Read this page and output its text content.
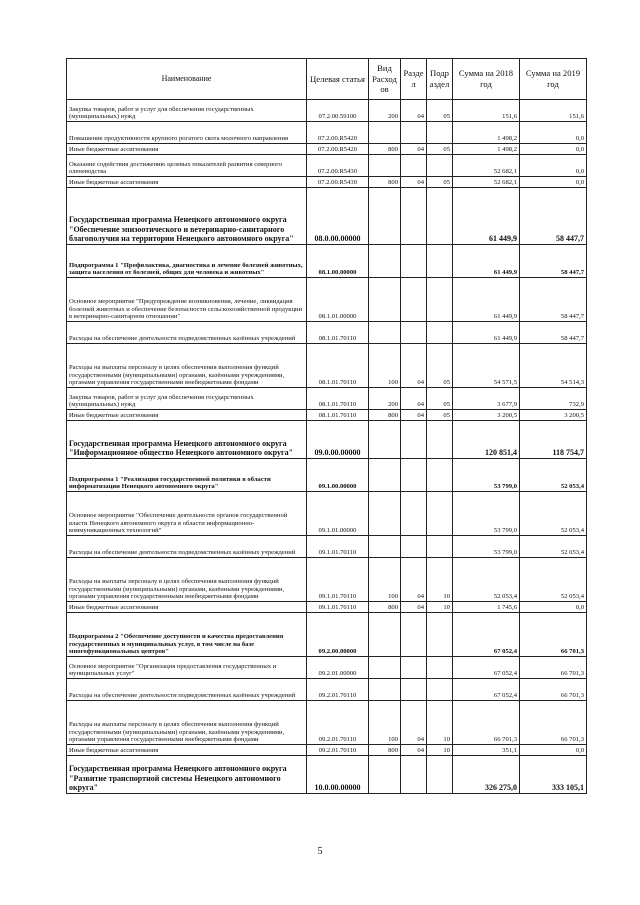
Наименование	Целевая статья	Вид Расход ов	Разде л	Подр аздел	Сумма на 2018 год	Сумма на 2019 год
Закупка товаров, работ и услуг для обеспечения государственных (муниципальных) нужд	07.2.00.59100	200	04	05	151,6	151,6
Повышение продуктивности крупного рогатого скота молочного направления	07.2.00.R5420				1 498,2	0,0
Иные бюджетные ассигнования	07.2.00.R5420	800	04	05	1 498,2	0,0
Оказание содействия достижению целевых показателей развития северного оленеводства	07.2.00.R5430				52 682,1	0,0
Иные бюджетные ассигнования	07.2.00.R5430	800	04	05	52 682,1	0,0
Государственная программа Ненецкого автономного округа "Обеспечение эпизоотического и ветеринарно-санитарного благополучия на территории Ненецкого автономного округа"	08.0.00.00000				61 449,9	58 447,7
Подпрограмма 1 "Профилактика, диагностика и лечение болезней животных, защита населения от болезней, общих для человека и животных"	08.1.00.00000				61 449,9	58 447,7
Основное мероприятие "Предупреждение возникновения, лечение, ликвидация болезней животных и обеспечение безопасности сельскохозяйственной продукции в ветеринарно-санитарном отношении"	08.1.01.00000				61 449,9	58 447,7
Расходы на обеспечение деятельности подведомственных казённых учреждений	08.1.01.70110				61 449,9	58 447,7
Расходы на выплаты персоналу в целях обеспечения выполнения функций государственными (муниципальными) органами, казёнными учреждениями, органами управления государственными внебюджетными фондами	08.1.01.70110	100	04	05	54 571,5	54 514,3
Закупка товаров, работ и услуг для обеспечения государственных (муниципальных) нужд	08.1.01.70110	200	04	05	3 677,9	732,9
Иные бюджетные ассигнования	08.1.01.70110	800	04	05	3 200,5	3 200,5
Государственная программа Ненецкого автономного округа "Информационное общество Ненецкого автономного округа"	09.0.00.00000				120 851,4	118 754,7
Подпрограмма 1 "Реализация государственной политики в области информатизации Ненецкого автономного округа"	09.1.00.00000				53 799,0	52 053,4
Основное мероприятие "Обеспечение деятельности органов государственной власти Ненецкого автономного округа в области информационно-коммуникационных технологий"	09.1.01.00000				53 799,0	52 053,4
Расходы на обеспечение деятельности подведомственных казённых учреждений	09.1.01.70110				53 799,0	52 053,4
Расходы на выплаты персоналу в целях обеспечения выполнения функций государственными (муниципальными) органами, казёнными учреждениями, органами управления государственными внебюджетными фондами	09.1.01.70110	100	04	10	52 053,4	52 053,4
Иные бюджетные ассигнования	09.1.01.70110	800	04	10	1 745,6	0,0
Подпрограмма 2 "Обеспечение доступности и качества предоставления государственных и муниципальных услуг, в том числе на базе многофункциональных центров"	09.2.00.00000				67 052,4	66 701,3
Основное мероприятие "Организация предоставления государственных и муниципальных услуг"	09.2.01.00000				67 052,4	66 701,3
Расходы на обеспечение деятельности подведомственных казённых учреждений	09.2.01.70110				67 052,4	66 701,3
Расходы на выплаты персоналу в целях обеспечения выполнения функций государственными (муниципальными) органами, казёнными учреждениями, органами управления государственными внебюджетными фондами	09.2.01.70110	100	04	10	66 701,3	66 701,3
Иные бюджетные ассигнования	09.2.01.70110	800	04	10	351,1	0,0
Государственная программа Ненецкого автономного округа "Развитие транспортной системы Ненецкого автономного округа"	10.0.00.00000				326 275,0	333 105,1
5
